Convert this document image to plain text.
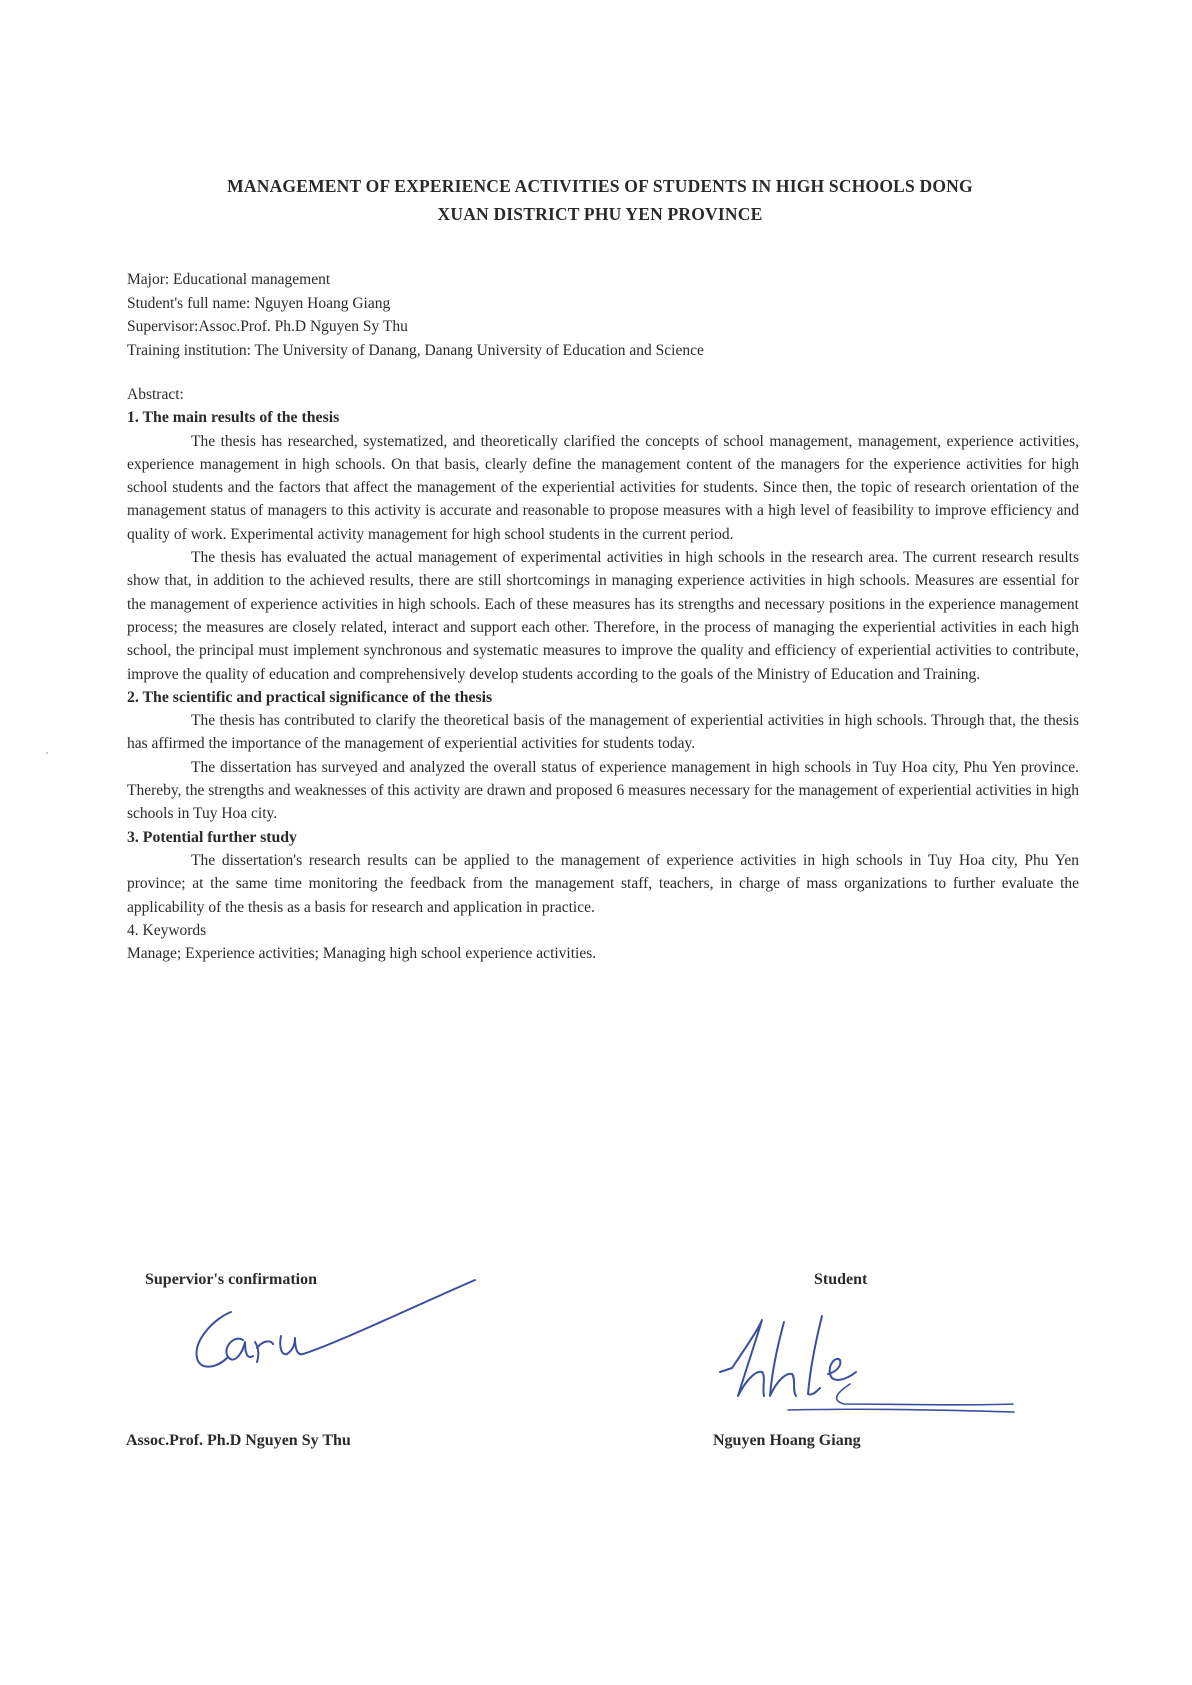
MANAGEMENT OF EXPERIENCE ACTIVITIES OF STUDENTS IN HIGH SCHOOLS DONG
XUAN DISTRICT PHU YEN PROVINCE
Major: Educational management
Student's full name: Nguyen Hoang Giang
Supervisor:Assoc.Prof. Ph.D Nguyen Sy Thu
Training institution: The University of Danang, Danang University of Education and Science
Abstract:
1. The main results of the thesis

The thesis has researched, systematized, and theoretically clarified the concepts of school management, management, experience activities, experience management in high schools. On that basis, clearly define the management content of the managers for the experience activities for high school students and the factors that affect the management of the experiential activities for students. Since then, the topic of research orientation of the management status of managers to this activity is accurate and reasonable to propose measures with a high level of feasibility to improve efficiency and quality of work. Experimental activity management for high school students in the current period.

The thesis has evaluated the actual management of experimental activities in high schools in the research area. The current research results show that, in addition to the achieved results, there are still shortcomings in managing experience activities in high schools. Measures are essential for the management of experience activities in high schools. Each of these measures has its strengths and necessary positions in the experience management process; the measures are closely related, interact and support each other. Therefore, in the process of managing the experiential activities in each high school, the principal must implement synchronous and systematic measures to improve the quality and efficiency of experiential activities to contribute, improve the quality of education and comprehensively develop students according to the goals of the Ministry of Education and Training.

2. The scientific and practical significance of the thesis

The thesis has contributed to clarify the theoretical basis of the management of experiential activities in high schools. Through that, the thesis has affirmed the importance of the management of experiential activities for students today.

The dissertation has surveyed and analyzed the overall status of experience management in high schools in Tuy Hoa city, Phu Yen province. Thereby, the strengths and weaknesses of this activity are drawn and proposed 6 measures necessary for the management of experiential activities in high schools in Tuy Hoa city.

3. Potential further study

The dissertation's research results can be applied to the management of experience activities in high schools in Tuy Hoa city, Phu Yen province; at the same time monitoring the feedback from the management staff, teachers, in charge of mass organizations to further evaluate the applicability of the thesis as a basis for research and application in practice.

4. Keywords
Manage; Experience activities; Managing high school experience activities.
Supervior's confirmation	Student
Assoc.Prof. Ph.D Nguyen Sy Thu	Nguyen Hoang Giang
